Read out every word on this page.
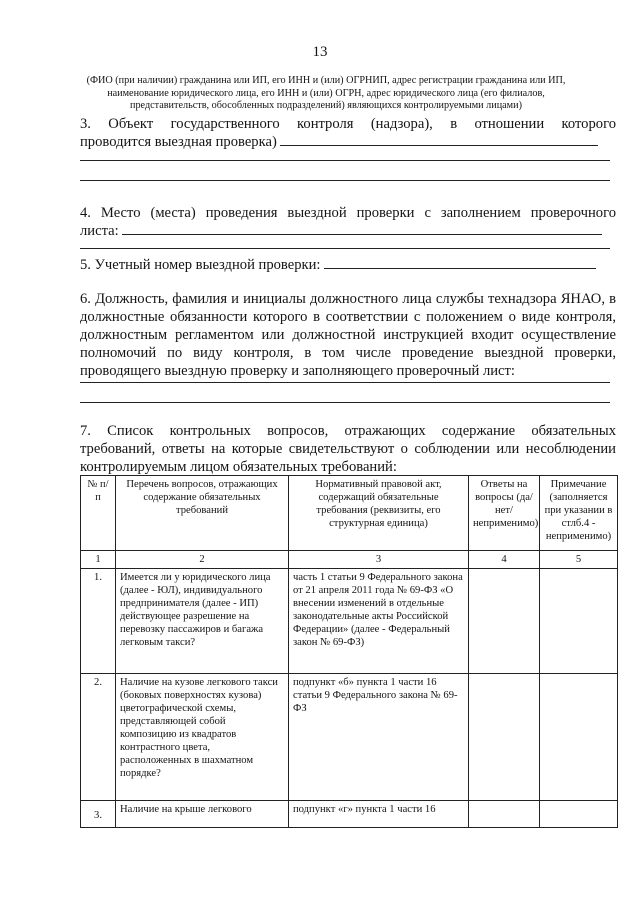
13
(ФИО (при наличии) гражданина или ИП, его ИНН и (или) ОГРНИП, адрес регистрации гражданина или ИП, наименование юридического лица, его ИНН и (или) ОГРН, адрес юридического лица (его филиалов, представительств, обособленных подразделений) являющихся контролируемыми лицами)
3. Объект государственного контроля (надзора), в отношении которого
проводится выездная проверка)
4. Место (места) проведения выездной проверки с заполнением проверочного
листа:
5. Учетный номер выездной проверки:
6. Должность, фамилия и инициалы должностного лица службы технадзора ЯНАО, в должностные обязанности которого в соответствии с положением о виде контроля, должностным регламентом или должностной инструкцией входит осуществление полномочий по виду контроля, в том числе проведение выездной проверки, проводящего выездную проверку и заполняющего проверочный лист:
7. Список контрольных вопросов, отражающих содержание обязательных требований, ответы на которые свидетельствуют о соблюдении или несоблюдении контролируемым лицом обязательных требований:
№ п/п	Перечень вопросов, отражающих содержание обязательных требований	Нормативный правовой акт, содержащий обязательные требования (реквизиты, его структурная единица)	Ответы на вопросы (да/нет/неприменимо)	Примечание (заполняется при указании в стлб.4 - неприменимо)
1	2	3	4	5
1.	Имеется ли у юридического лица (далее - ЮЛ), индивидуального предпринимателя (далее - ИП) действующее разрешение на перевозку пассажиров и багажа легковым такси?	часть 1 статьи 9 Федерального закона от 21 апреля 2011 года № 69-ФЗ «О внесении изменений в отдельные законодательные акты Российской Федерации» (далее - Федеральный закон № 69-ФЗ)		
2.	Наличие на кузове легкового такси (боковых поверхностях кузова) цветографической схемы, представляющей собой композицию из квадратов контрастного цвета, расположенных в шахматном порядке?	подпункт «б» пункта 1 части 16 статьи 9 Федерального закона № 69-ФЗ		
3.	Наличие на крыше легкового	подпункт «г» пункта 1 части 16		
